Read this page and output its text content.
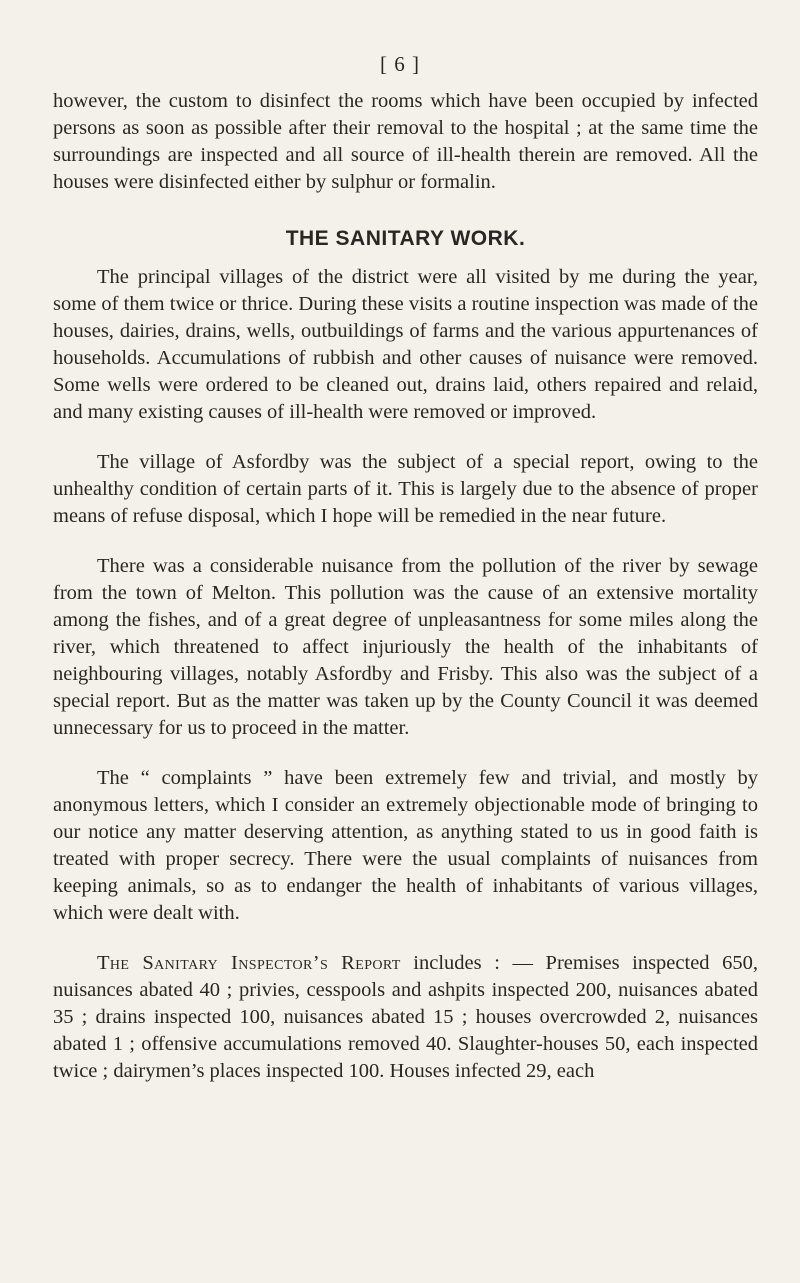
[ 6 ]

however, the custom to disinfect the rooms which have been occupied by infected persons as soon as possible after their removal to the hospital ; at the same time the surroundings are inspected and all source of ill-health therein are removed. All the houses were disinfected either by sulphur or formalin.

THE SANITARY WORK.

The principal villages of the district were all visited by me during the year, some of them twice or thrice. During these visits a routine inspection was made of the houses, dairies, drains, wells, outbuildings of farms and the various appurtenances of households. Accumulations of rubbish and other causes of nuisance were removed. Some wells were ordered to be cleaned out, drains laid, others repaired and relaid, and many existing causes of ill-health were removed or improved.

The village of Asfordby was the subject of a special report, owing to the unhealthy condition of certain parts of it. This is largely due to the absence of proper means of refuse disposal, which I hope will be remedied in the near future.

There was a considerable nuisance from the pollution of the river by sewage from the town of Melton. This pollution was the cause of an extensive mortality among the fishes, and of a great degree of unpleasantness for some miles along the river, which threatened to affect injuriously the health of the inhabitants of neighbouring villages, notably Asfordby and Frisby. This also was the subject of a special report. But as the matter was taken up by the County Council it was deemed unnecessary for us to proceed in the matter.

The “ complaints ” have been extremely few and trivial, and mostly by anonymous letters, which I consider an extremely objectionable mode of bringing to our notice any matter deserving attention, as anything stated to us in good faith is treated with proper secrecy. There were the usual complaints of nuisances from keeping animals, so as to endanger the health of inhabitants of various villages, which were dealt with.

The Sanitary Inspector’s Report includes : — Premises inspected 650, nuisances abated 40 ; privies, cesspools and ashpits inspected 200, nuisances abated 35 ; drains inspected 100, nuisances abated 15 ; houses overcrowded 2, nuisances abated 1 ; offensive accumulations removed 40. Slaughter-houses 50, each inspected twice ; dairymen’s places inspected 100. Houses infected 29, each
